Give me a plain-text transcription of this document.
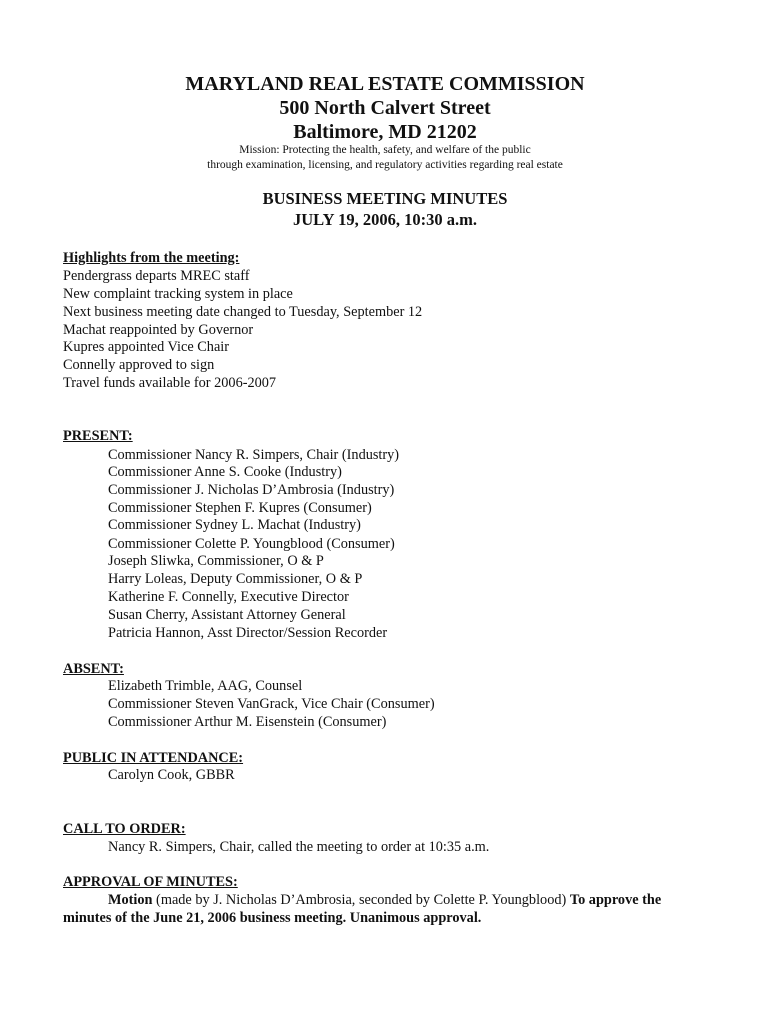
MARYLAND REAL ESTATE COMMISSION
500 North Calvert Street
Baltimore, MD 21202
Mission: Protecting the health, safety, and welfare of the public
through examination, licensing, and regulatory activities regarding real estate
BUSINESS MEETING MINUTES
JULY 19, 2006, 10:30 a.m.
Highlights from the meeting:
Pendergrass departs MREC staff
New complaint tracking system in place
Next business meeting date changed to Tuesday, September 12
Machat reappointed by Governor
Kupres appointed Vice Chair
Connelly approved to sign
Travel funds available for 2006-2007
PRESENT:
Commissioner Nancy R. Simpers, Chair (Industry)
Commissioner Anne S. Cooke (Industry)
Commissioner J. Nicholas D’Ambrosia (Industry)
Commissioner Stephen F. Kupres (Consumer)
Commissioner Sydney L. Machat (Industry)
Commissioner Colette P. Youngblood (Consumer)
Joseph Sliwka, Commissioner, O & P
Harry Loleas, Deputy Commissioner, O & P
Katherine F. Connelly, Executive Director
Susan Cherry, Assistant Attorney General
Patricia Hannon, Asst Director/Session Recorder
ABSENT:
Elizabeth Trimble, AAG, Counsel
Commissioner Steven VanGrack, Vice Chair (Consumer)
Commissioner Arthur M. Eisenstein (Consumer)
PUBLIC IN ATTENDANCE:
Carolyn Cook, GBBR
CALL TO ORDER:
Nancy R. Simpers, Chair, called the meeting to order at 10:35 a.m.
APPROVAL OF MINUTES:
Motion (made by J. Nicholas D’Ambrosia, seconded by Colette P. Youngblood) To approve the
minutes of the June 21, 2006 business meeting. Unanimous approval.
